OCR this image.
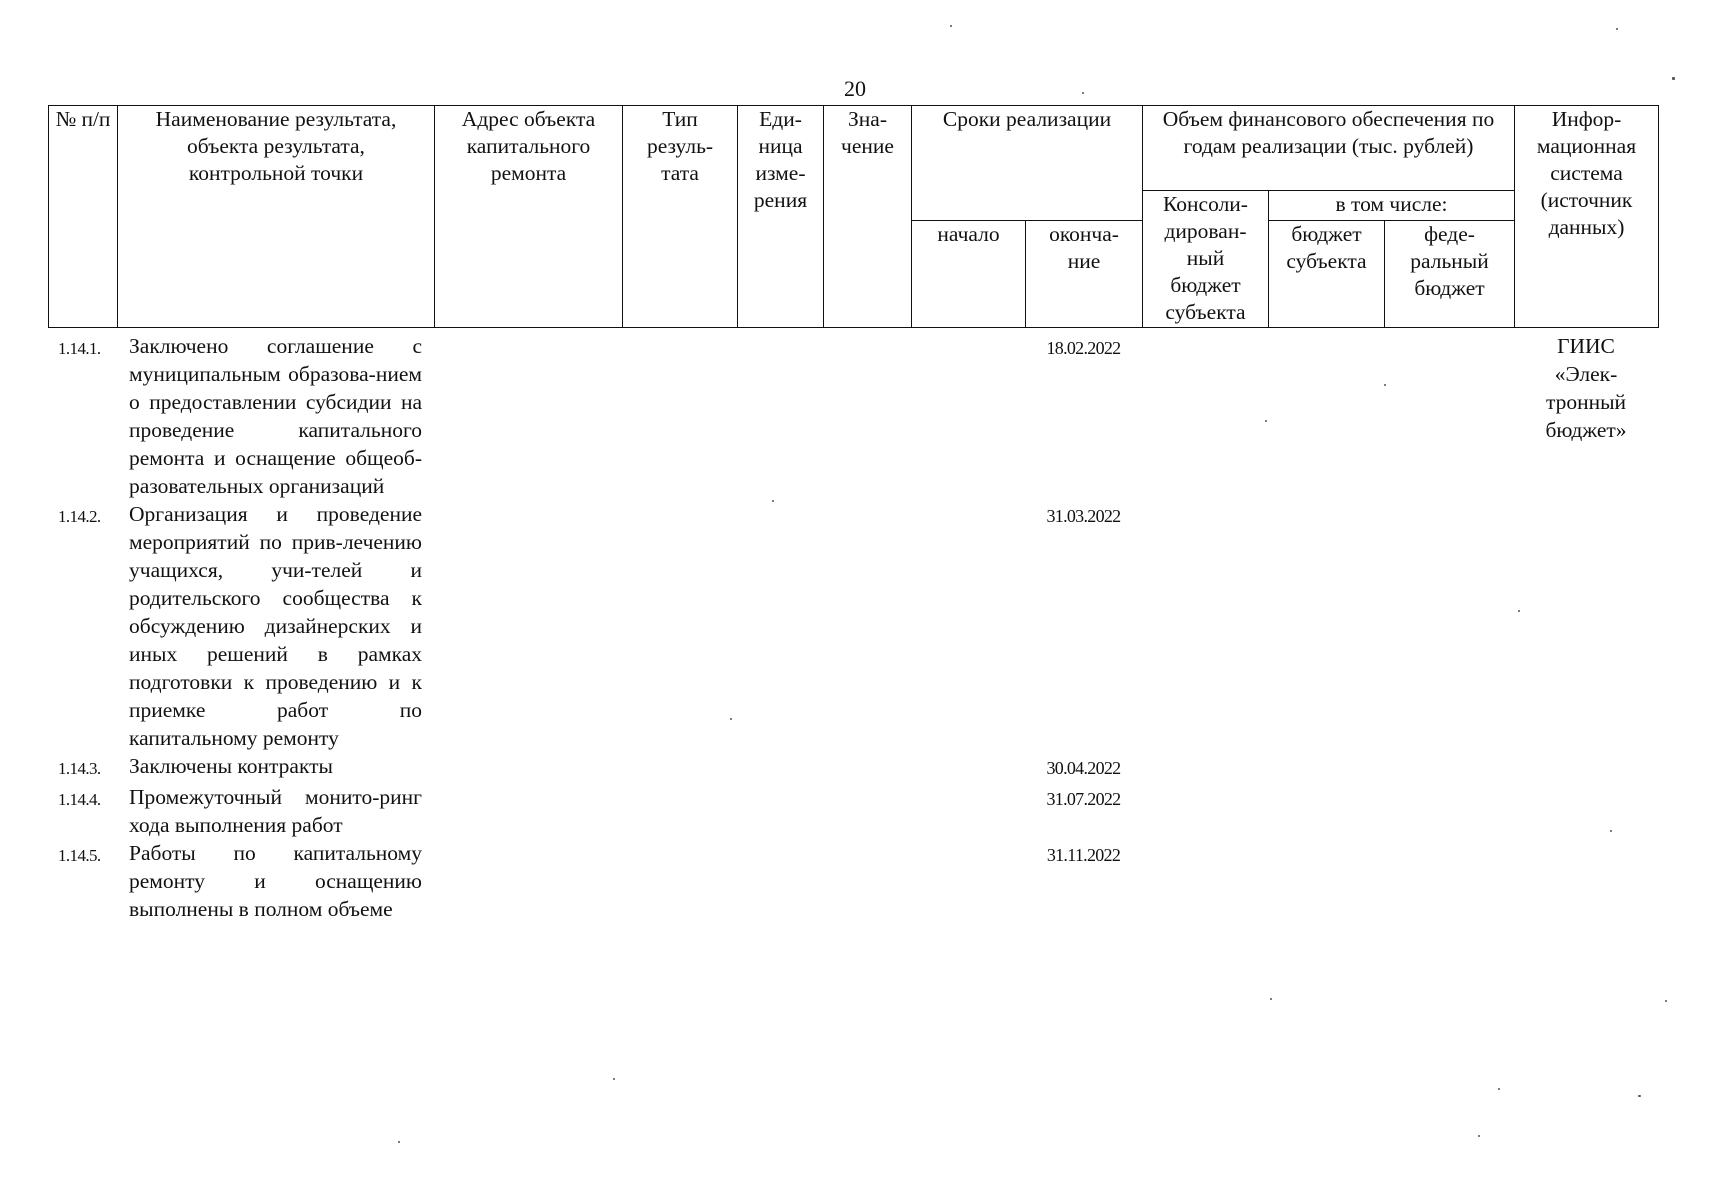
20
№ п/п	Наименование результата, объекта результата, контрольной точки	Адрес объекта капитального ремонта	Тип резуль-тата	Еди-ница изме-рения	Зна-чение	Сроки реализации		Объем финансового обеспечения по годам реализации (тыс. рублей)			Инфор-мационная система (источник данных)
								Консоли-дирован-ный бюджет субъекта	в том числе:		
						начало	оконча-ние		бюджет субъекта	феде-ральный бюджет	
1.14.1.	Заключено соглашение с муниципальным образова-нием о предоставлении субсидии на проведение капитального ремонта и оснащение общеоб-разовательных организаций						18.02.2022				ГИИС «Элек-тронный бюджет»
1.14.2.	Организация и проведение мероприятий по прив-лечению учащихся, учи-телей и родительского сообщества к обсуждению дизайнерских и иных решений в рамках подготовки к проведению и к приемке работ по капитальному ремонту						31.03.2022				
1.14.3.	Заключены контракты						30.04.2022				
1.14.4.	Промежуточный монито-ринг хода выполнения работ						31.07.2022				
1.14.5.	Работы по капитальному ремонту и оснащению выполнены в полном объеме						31.11.2022				
